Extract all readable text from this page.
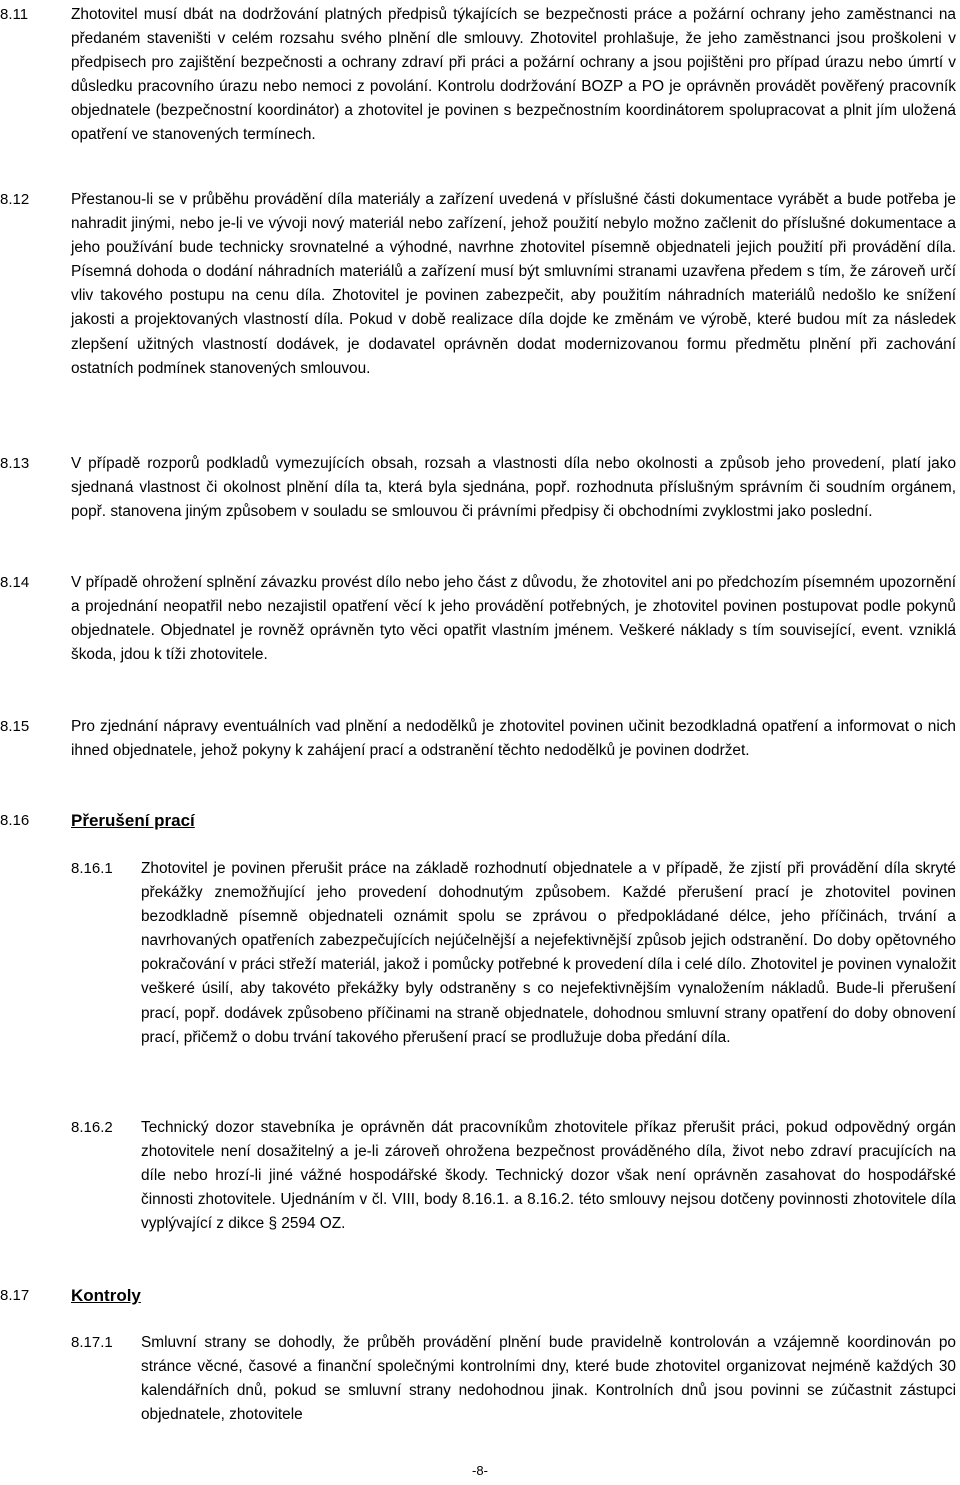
8.11	Zhotovitel musí dbát na dodržování platných předpisů týkajících se bezpečnosti práce a požární ochrany jeho zaměstnanci na předaném staveništi v celém rozsahu svého plnění dle smlouvy. Zhotovitel prohlašuje, že jeho zaměstnanci jsou proškoleni v předpisech pro zajištění bezpečnosti a ochrany zdraví při práci a požární ochrany a jsou pojištěni pro případ úrazu nebo úmrtí v důsledku pracovního úrazu nebo nemoci z povolání. Kontrolu dodržování BOZP a PO je oprávněn provádět pověřený pracovník objednatele (bezpečnostní koordinátor) a zhotovitel je povinen s bezpečnostním koordinátorem spolupracovat a plnit jím uložená opatření ve stanovených termínech.

8.12	Přestanou-li se v průběhu provádění díla materiály a zařízení uvedená v příslušné části dokumentace vyrábět a bude potřeba je nahradit jinými, nebo je-li ve vývoji nový materiál nebo zařízení, jehož použití nebylo možno začlenit do příslušné dokumentace a jeho používání bude technicky srovnatelné a výhodné, navrhne zhotovitel písemně objednateli jejich použití při provádění díla. Písemná dohoda o dodání náhradních materiálů a zařízení musí být smluvními stranami uzavřena předem s tím, že zároveň určí vliv takového postupu na cenu díla. Zhotovitel je povinen zabezpečit, aby použitím náhradních materiálů nedošlo ke snížení jakosti a projektovaných vlastností díla. Pokud v době realizace díla dojde ke změnám ve výrobě, které budou mít za následek zlepšení užitných vlastností dodávek, je dodavatel oprávněn dodat modernizovanou formu předmětu plnění při zachování ostatních podmínek stanovených smlouvou.

8.13	V případě rozporů podkladů vymezujících obsah, rozsah a vlastnosti díla nebo okolnosti a způsob jeho provedení, platí jako sjednaná vlastnost či okolnost plnění díla ta, která byla sjednána, popř. rozhodnuta příslušným správním či soudním orgánem, popř. stanovena jiným způsobem v souladu se smlouvou či právními předpisy či obchodními zvyklostmi jako poslední.

8.14	V případě ohrožení splnění závazku provést dílo nebo jeho část z důvodu, že zhotovitel ani po předchozím písemném upozornění a projednání neopatřil nebo nezajistil opatření věcí k jeho provádění potřebných, je zhotovitel povinen postupovat podle pokynů objednatele. Objednatel je rovněž oprávněn tyto věci opatřit vlastním jménem. Veškeré náklady s tím související, event. vzniklá škoda, jdou k tíži zhotovitele.

8.15	Pro zjednání nápravy eventuálních vad plnění a nedodělků je zhotovitel povinen učinit bezodkladná opatření a informovat o nich ihned objednatele, jehož pokyny k zahájení prací a odstranění těchto nedodělků je povinen dodržet.

8.16 Přerušení prací
8.16.1 Zhotovitel je povinen přerušit práce na základě rozhodnutí objednatele a v případě, že zjistí při provádění díla skryté překážky znemožňující jeho provedení dohodnutým způsobem. Každé přerušení prací je zhotovitel povinen bezodkladně písemně objednateli oznámit spolu se zprávou o předpokládané délce, jeho příčinách, trvání a navrhovaných opatřeních zabezpečujících nejúčelnější a nejefektivnější způsob jejich odstranění. Do doby opětovného pokračování v práci střeží materiál, jakož i pomůcky potřebné k provedení díla i celé dílo. Zhotovitel je povinen vynaložit veškeré úsilí, aby takovéto překážky byly odstraněny s co nejefektivnějším vynaložením nákladů. Bude-li přerušení prací, popř. dodávek způsobeno příčinami na straně objednatele, dohodnou smluvní strany opatření do doby obnovení prací, přičemž o dobu trvání takového přerušení prací se prodlužuje doba předání díla.

8.16.2 Technický dozor stavebníka je oprávněn dát pracovníkům zhotovitele příkaz přerušit práci, pokud odpovědný orgán zhotovitele není dosažitelný a je-li zároveň ohrožena bezpečnost prováděného díla, život nebo zdraví pracujících na díle nebo hrozí-li jiné vážné hospodářské škody. Technický dozor však není oprávněn zasahovat do hospodářské činnosti zhotovitele. Ujednáním v čl. VIII, body 8.16.1. a 8.16.2. této smlouvy nejsou dotčeny povinnosti zhotovitele díla vyplývající z dikce § 2594 OZ.

8.17 Kontroly
8.17.1 Smluvní strany se dohodly, že průběh provádění plnění bude pravidelně kontrolován a vzájemně koordinován po stránce věcné, časové a finanční společnými kontrolními dny, které bude zhotovitel organizovat nejméně každých 30 kalendářních dnů, pokud se smluvní strany nedohodnou jinak. Kontrolních dnů jsou povinni se zúčastnit zástupci objednatele, zhotovitele

-8-
